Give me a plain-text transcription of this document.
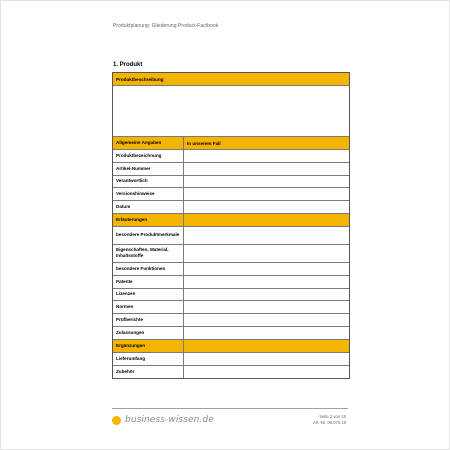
Produktplanung: Gliederung Product-Factbook
1. Produkt
Produktbeschreibung
Allgemeine Angaben	In unserem Fall
Produktbezeichnung
Artikel-Nummer
Verantwortlich
Versionshinweise
Datum
Erläuterungen
besondere Produktmerkmale
Eigenschaften, Material, Inhaltsstoffe
besondere Funktionen
Patente
Lizenzen
Normen
Prüfberichte
Zulassungen
Ergänzungen
Lieferumfang
Zubehör
business-wissen.de	Seite 2 von 16
Art.-Nr. 06.076.19
